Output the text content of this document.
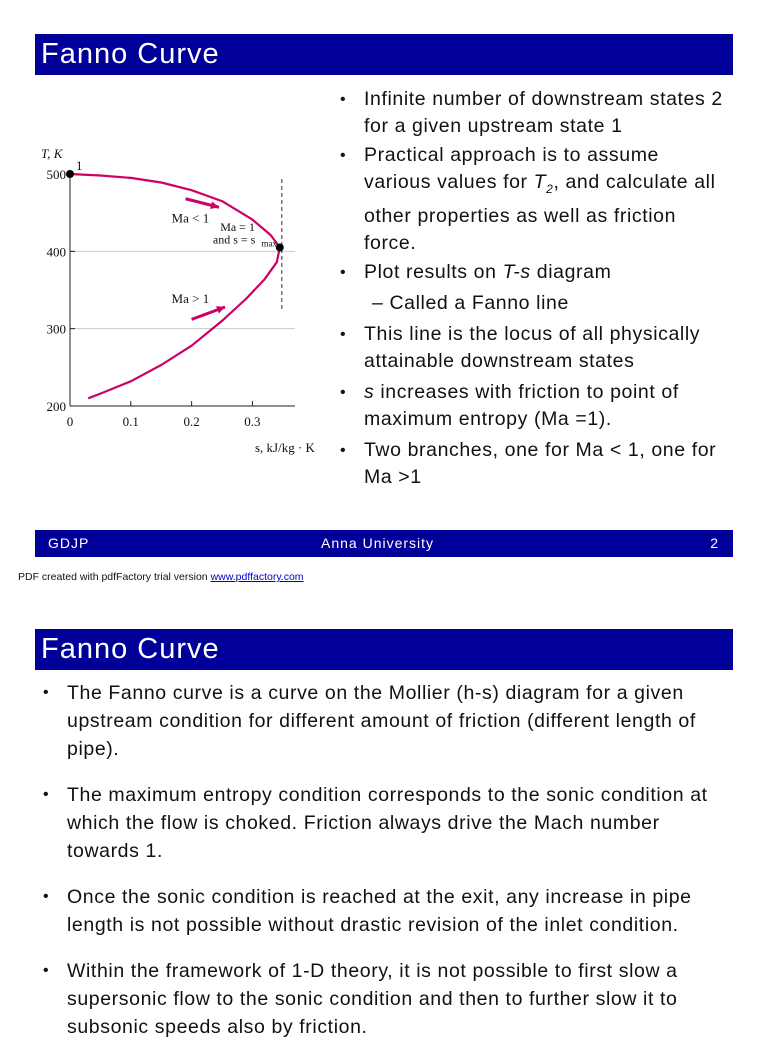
Fanno Curve
500
400
300
200
0	0.1	0.2	0.3
T, K
s, kJ/kg · K
1
Ma < 1
Ma = 1
and s = s max
Ma > 1
• Infinite number of downstream states 2 for a given upstream state 1
• Practical approach is to assume various values for $T_2$, and calculate all other properties as well as friction force.
• Plot results on T-s diagram
– Called a Fanno line
• This line is the locus of all physically attainable downstream states
• s increases with friction to point of maximum entropy (Ma =1).
• Two branches, one for Ma < 1, one for Ma >1
GDJP	Anna University	2
PDF created with pdfFactory trial version www.pdffactory.com
Fanno Curve
• The Fanno curve is a curve on the Mollier (h-s) diagram for a given upstream condition for different amount of friction (different length of pipe).
• The maximum entropy condition corresponds to the sonic condition at which the flow is choked. Friction always drive the Mach number towards 1.
• Once the sonic condition is reached at the exit, any increase in pipe length is not possible without drastic revision of the inlet condition.
• Within the framework of 1-D theory, it is not possible to first slow a supersonic flow to the sonic condition and then to further slow it to subsonic speeds also by friction.
